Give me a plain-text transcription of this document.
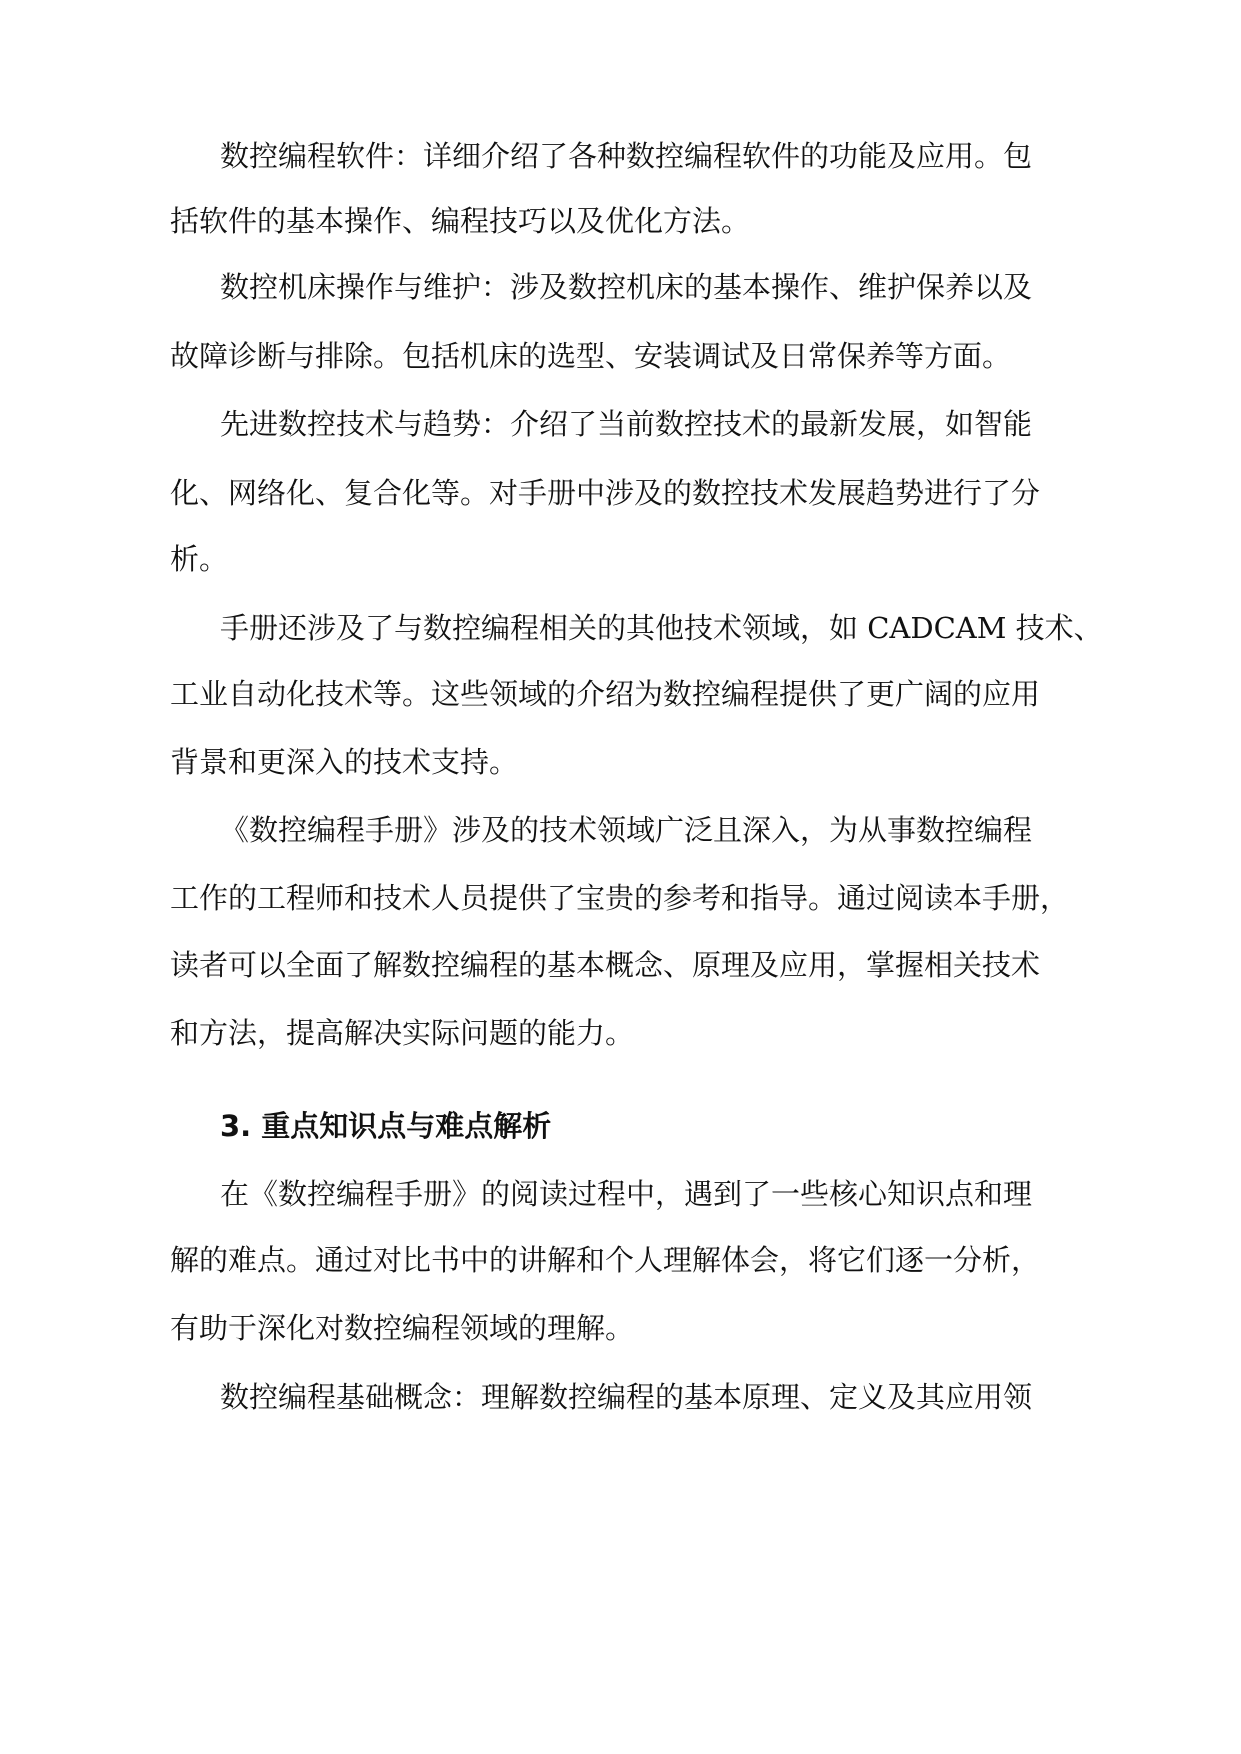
数控编程软件：详细介绍了各种数控编程软件的功能及应用。包

括软件的基本操作、编程技巧以及优化方法。

数控机床操作与维护：涉及数控机床的基本操作、维护保养以及

故障诊断与排除。包括机床的选型、安装调试及日常保养等方面。

先进数控技术与趋势：介绍了当前数控技术的最新发展，如智能

化、网络化、复合化等。对手册中涉及的数控技术发展趋势进行了分

析。

手册还涉及了与数控编程相关的其他技术领域，如 CADCAM 技术、

工业自动化技术等。这些领域的介绍为数控编程提供了更广阔的应用

背景和更深入的技术支持。

《数控编程手册》涉及的技术领域广泛且深入，为从事数控编程

工作的工程师和技术人员提供了宝贵的参考和指导。通过阅读本手册，

读者可以全面了解数控编程的基本概念、原理及应用，掌握相关技术

和方法，提高解决实际问题的能力。

3. 重点知识点与难点解析

在《数控编程手册》的阅读过程中，遇到了一些核心知识点和理

解的难点。通过对比书中的讲解和个人理解体会，将它们逐一分析，

有助于深化对数控编程领域的理解。

数控编程基础概念：理解数控编程的基本原理、定义及其应用领
